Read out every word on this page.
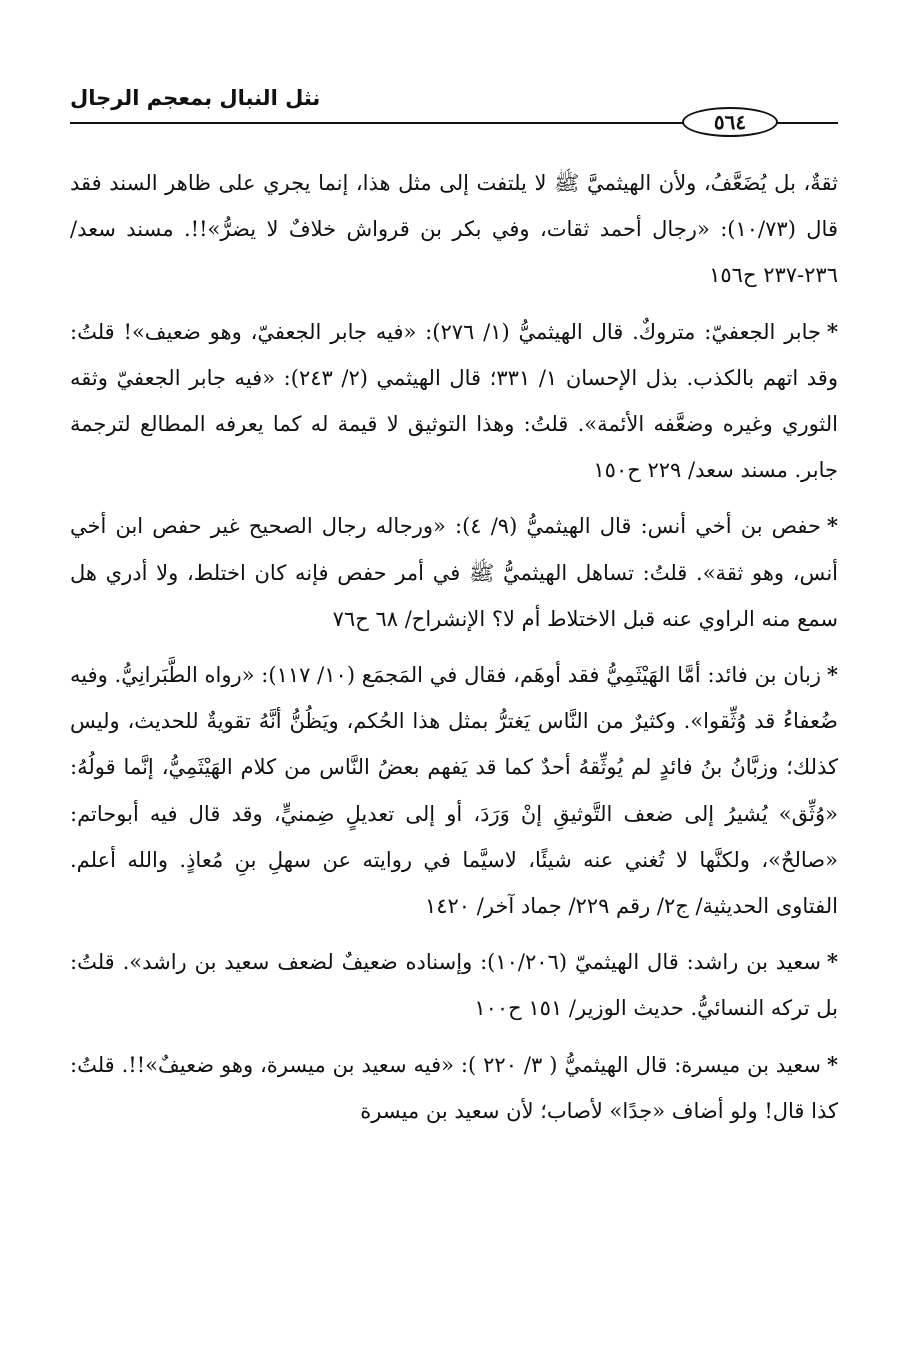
نثل النبال بمعجم الرجال
٥٦٤

ثقةٌ، بل يُضَعَّفُ، ولأن الهيثميَّ ﷺ لا يلتفت إلى مثل هذا، إنما يجري على ظاهر السند فقد قال (١٠/٧٣): «رجال أحمد ثقات، وفي بكر بن قرواش خلافٌ لا يضرُّ»!!. مسند سعد/ ٢٣٦-٢٣٧ ح١٥٦

*جابر الجعفيّ: متروكٌ. قال الهيثميُّ (١/ ٢٧٦): «فيه جابر الجعفيّ، وهو ضعيف»! قلتُ: وقد اتهم بالكذب. بذل الإحسان ١/ ٣٣١؛ قال الهيثمي (٢/ ٢٤٣): «فيه جابر الجعفيّ وثقه الثوري وغيره وضعَّفه الأئمة». قلتُ: وهذا التوثيق لا قيمة له كما يعرفه المطالع لترجمة جابر. مسند سعد/ ٢٢٩ ح١٥٠

*حفص بن أخي أنس: قال الهيثميُّ (٩/ ٤): «ورجاله رجال الصحيح غير حفص ابن أخي أنس، وهو ثقة». قلتُ: تساهل الهيثميُّ ﷺ في أمر حفص فإنه كان اختلط، ولا أدري هل سمع منه الراوي عنه قبل الاختلاط أم لا؟ الإنشراح/ ٦٨ ح٧٦

*زبان بن فائد: أمَّا الهَيْثَمِيُّ فقد أوهَم، فقال في المَجمَع (١٠/ ١١٧): «رواه الطَّبَرانِيُّ. وفيه ضُعفاءُ قد وُثِّقوا». وكثيرٌ من النَّاس يَغترُّ بمثل هذا الحُكم، ويَظُنُّ أنَّهُ تقويةٌ للحديث، وليس كذلك؛ وزبَّانُ بنُ فائدٍ لم يُوثِّقهُ أحدٌ كما قد يَفهم بعضُ النَّاس من كلام الهَيْثَمِيُّ، إنَّما قولُهُ: «وُثِّق» يُشيرُ إلى ضعف التَّوثيقِ إنْ وَرَدَ، أو إلى تعديلٍ ضِمنيٍّ، وقد قال فيه أبوحاتم: «صالحٌ»، ولكنَّها لا تُغني عنه شيئًا، لاسيَّما في روايته عن سهلِ بنِ مُعاذٍ. والله أعلم. الفتاوى الحديثية/ ج٢/ رقم ٢٢٩/ جماد آخر/ ١٤٢٠

*سعيد بن راشد: قال الهيثميّ (١٠/٢٠٦): وإسناده ضعيفٌ لضعف سعيد بن راشد». قلتُ: بل تركه النسائيُّ. حديث الوزير/ ١٥١ ح١٠٠

*سعيد بن ميسرة: قال الهيثميُّ ( ٣/ ٢٢٠ ): «فيه سعيد بن ميسرة، وهو ضعيفٌ»!!. قلتُ: كذا قال! ولو أضاف «جدًا» لأصاب؛ لأن سعيد بن ميسرة
